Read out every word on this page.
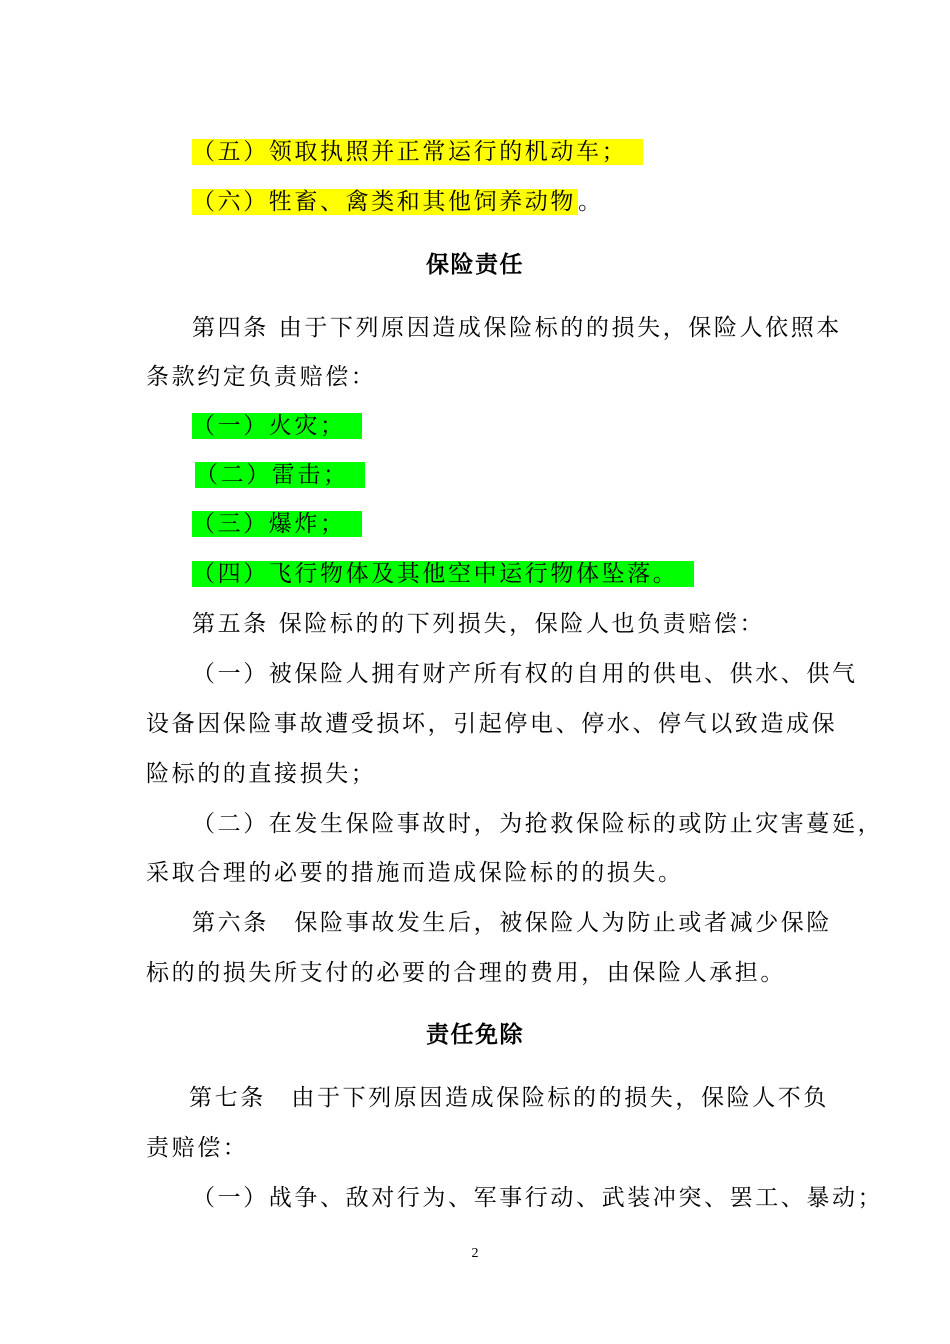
（五）领取执照并正常运行的机动车；
（六）牲畜、禽类和其他饲养动物。
保险责任
第四条 由于下列原因造成保险标的的损失，保险人依照本
条款约定负责赔偿：
（一）火灾；
（二）雷击；
（三）爆炸；
（四）飞行物体及其他空中运行物体坠落。
第五条 保险标的的下列损失，保险人也负责赔偿：
（一）被保险人拥有财产所有权的自用的供电、供水、供气
设备因保险事故遭受损坏，引起停电、停水、停气以致造成保
险标的的直接损失；
（二）在发生保险事故时，为抢救保险标的或防止灾害蔓延，
采取合理的必要的措施而造成保险标的的损失。
第六条　保险事故发生后，被保险人为防止或者减少保险
标的的损失所支付的必要的合理的费用，由保险人承担。
责任免除
第七条　由于下列原因造成保险标的的损失，保险人不负
责赔偿：
（一）战争、敌对行为、军事行动、武装冲突、罢工、暴动；
2
